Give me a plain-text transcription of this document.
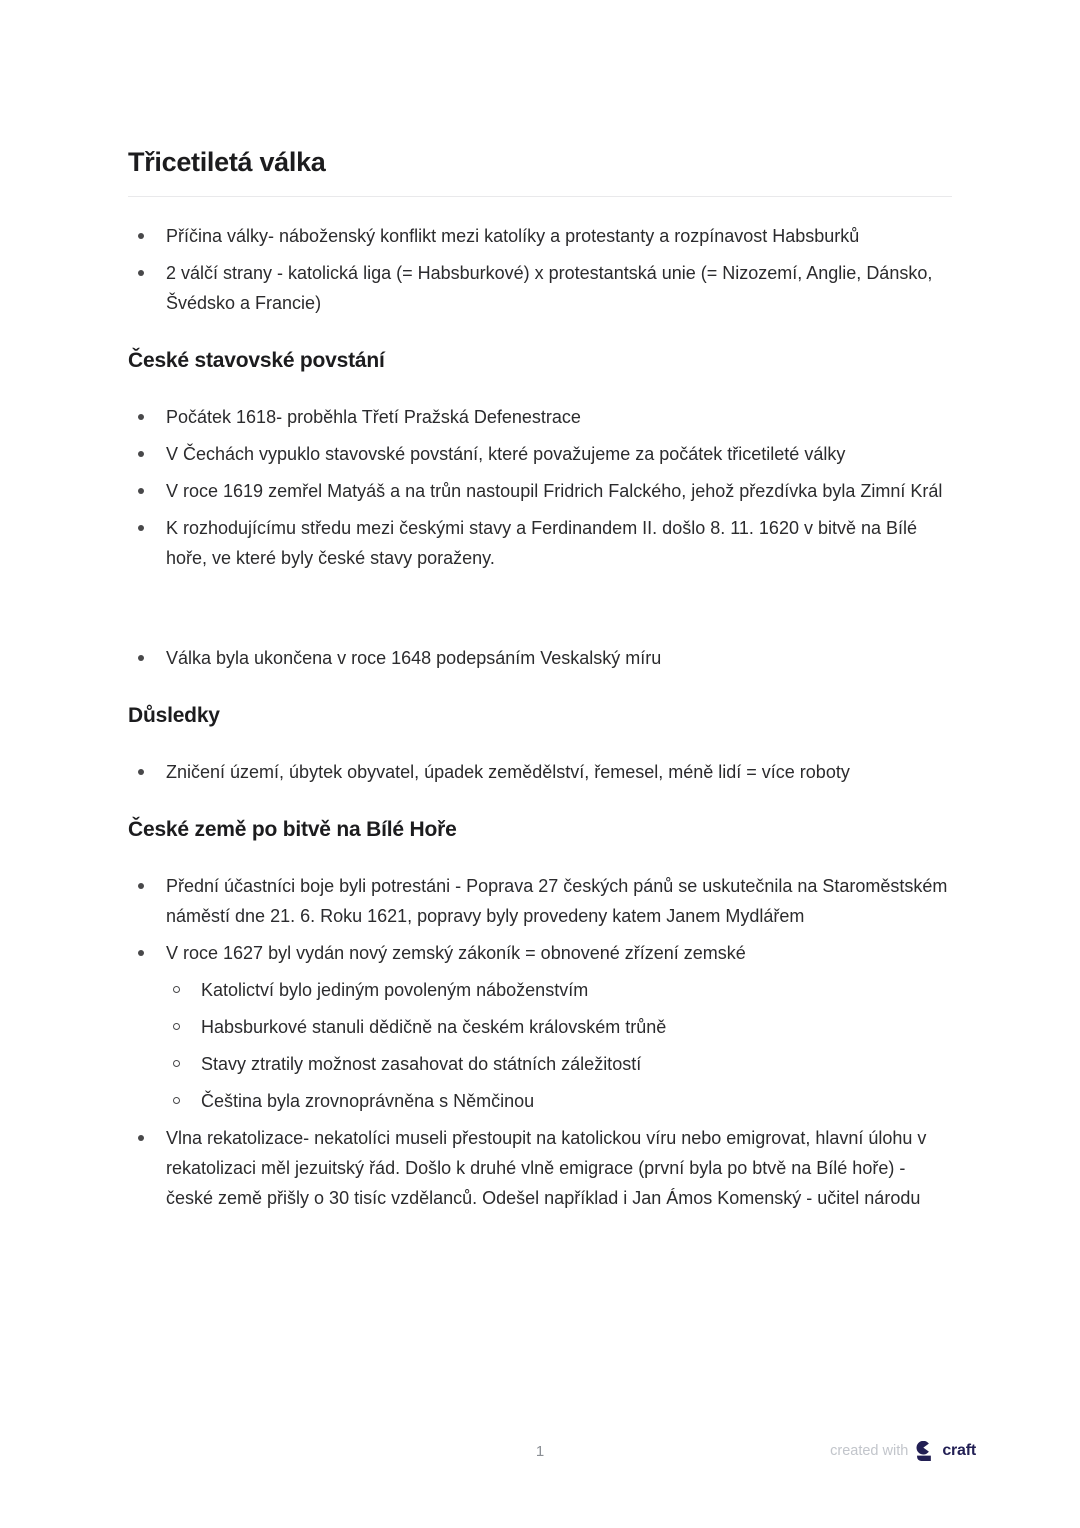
Třicetiletá válka
Příčina války- náboženský konflikt mezi katolíky a protestanty a rozpínavost Habsburků
2 válčí strany - katolická liga (= Habsburkové) x protestantská unie (= Nizozemí, Anglie, Dánsko, Švédsko a Francie)
České stavovské povstání
Počátek 1618- proběhla Třetí Pražská Defenestrace
V Čechách vypuklo stavovské povstání, které považujeme za počátek třicetileté války
V roce 1619 zemřel Matyáš a na trůn nastoupil Fridrich Falckého, jehož přezdívka byla Zimní Král
K rozhodujícímu středu mezi českými stavy a Ferdinandem II. došlo 8. 11. 1620 v bitvě na Bílé hoře, ve které byly české stavy poraženy.
Válka byla ukončena v roce 1648 podepsáním Veskalský míru
Důsledky
Zničení území, úbytek obyvatel, úpadek zemědělství, řemesel, méně lidí = více roboty
České země po bitvě na Bílé Hoře
Přední účastníci boje byli potrestáni - Poprava 27 českých pánů se uskutečnila na Staroměstském náměstí dne 21. 6. Roku 1621, popravy byly provedeny katem Janem Mydlářem
V roce 1627 byl vydán nový zemský zákoník = obnovené zřízení zemské
Katolictví bylo jediným povoleným náboženstvím
Habsburkové stanuli dědičně na českém královském trůně
Stavy ztratily možnost zasahovat do státních záležitostí
Čeština byla zrovnoprávněna s Němčinou
Vlna rekatolizace- nekatolíci museli přestoupit na katolickou víru nebo emigrovat, hlavní úlohu v rekatolizaci měl jezuitský řád. Došlo k druhé vlně emigrace (první byla po btvě na Bílé hoře) - české země přišly o 30 tisíc vzdělanců. Odešel například i Jan Ámos Komenský - učitel národu
1	created with craft
